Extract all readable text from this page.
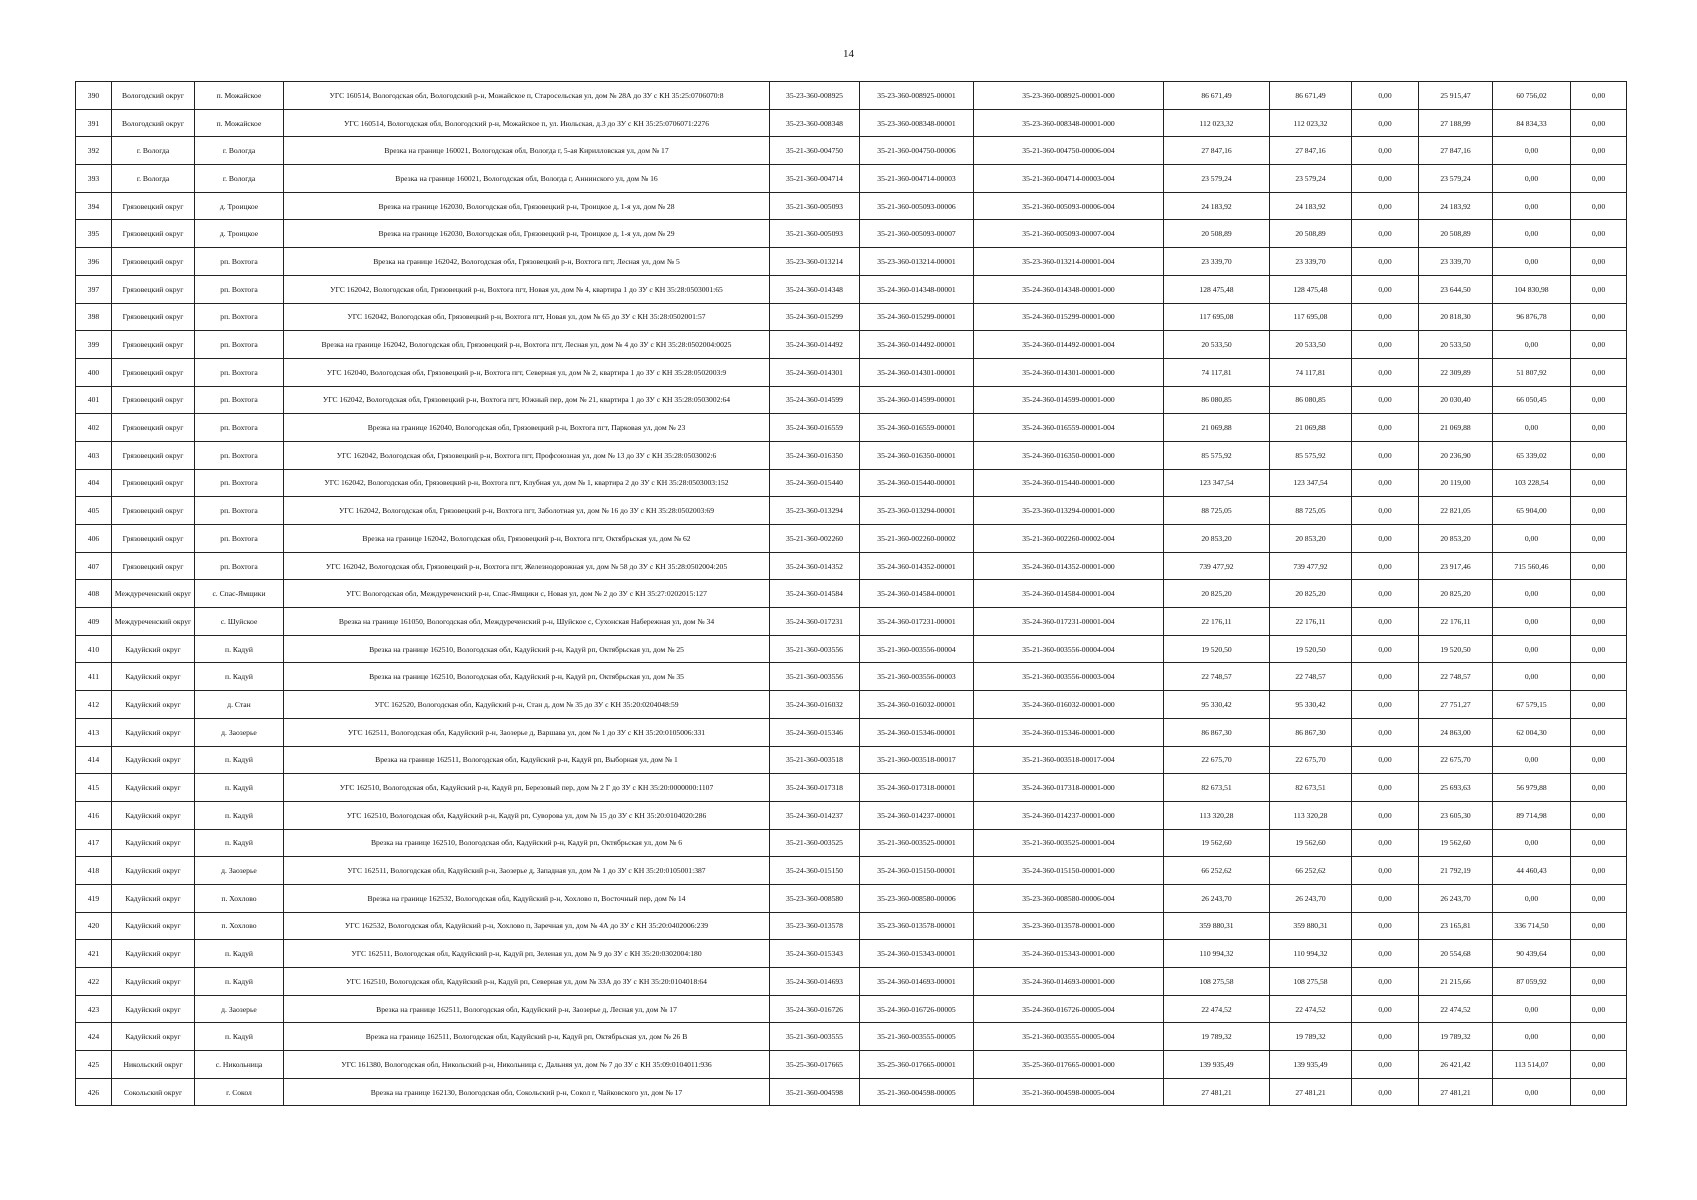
14
390	Вологодский округ	п. Можайское	УГС 160514, Вологодская обл, Вологодский р-н, Можайское п, Старосельская ул, дом № 28А до ЗУ с КН 35:25:0706070:8	35-23-360-008925	35-23-360-008925-00001	35-23-360-008925-00001-000	86 671,49	86 671,49	0,00	25 915,47	60 756,02	0,00
391	Вологодский округ	п. Можайское	УГС 160514, Вологодская обл, Вологодский р-н, Можайское п, ул. Июльская, д.3 до ЗУ с КН 35:25:0706071:2276	35-23-360-008348	35-23-360-008348-00001	35-23-360-008348-00001-000	112 023,32	112 023,32	0,00	27 188,99	84 834,33	0,00
392	г. Вологда	г. Вологда	Врезка на границе 160021, Вологодская обл, Вологда г, 5-ая Кирилловская ул, дом № 17	35-21-360-004750	35-21-360-004750-00006	35-21-360-004750-00006-004	27 847,16	27 847,16	0,00	27 847,16	0,00	0,00
393	г. Вологда	г. Вологда	Врезка на границе 160021, Вологодская обл, Вологда г, Аннинского ул, дом № 16	35-21-360-004714	35-21-360-004714-00003	35-21-360-004714-00003-004	23 579,24	23 579,24	0,00	23 579,24	0,00	0,00
394	Грязовецкий округ	д. Троицкое	Врезка на границе 162030, Вологодская обл, Грязовецкий р-н, Троицкое д, 1-я ул, дом № 28	35-21-360-005093	35-21-360-005093-00006	35-21-360-005093-00006-004	24 183,92	24 183,92	0,00	24 183,92	0,00	0,00
395	Грязовецкий округ	д. Троицкое	Врезка на границе 162030, Вологодская обл, Грязовецкий р-н, Троицкое д, 1-я ул, дом № 29	35-21-360-005093	35-21-360-005093-00007	35-21-360-005093-00007-004	20 508,89	20 508,89	0,00	20 508,89	0,00	0,00
396	Грязовецкий округ	рп. Вохтога	Врезка на границе 162042, Вологодская обл, Грязовецкий р-н, Вохтога пгт, Лесная ул, дом № 5	35-23-360-013214	35-23-360-013214-00001	35-23-360-013214-00001-004	23 339,70	23 339,70	0,00	23 339,70	0,00	0,00
397	Грязовецкий округ	рп. Вохтога	УГС 162042, Вологодская обл, Грязовецкий р-н, Вохтога пгт, Новая ул, дом № 4, квартира 1 до ЗУ с КН 35:28:0503001:65	35-24-360-014348	35-24-360-014348-00001	35-24-360-014348-00001-000	128 475,48	128 475,48	0,00	23 644,50	104 830,98	0,00
398	Грязовецкий округ	рп. Вохтога	УГС 162042, Вологодская обл, Грязовецкий р-н, Вохтога пгт, Новая ул, дом № 65 до ЗУ с КН 35:28:0502001:57	35-24-360-015299	35-24-360-015299-00001	35-24-360-015299-00001-000	117 695,08	117 695,08	0,00	20 818,30	96 876,78	0,00
399	Грязовецкий округ	рп. Вохтога	Врезка на границе 162042, Вологодская обл, Грязовецкий р-н, Вохтога пгт, Лесная ул, дом № 4 до ЗУ с КН 35:28:0502004:0025	35-24-360-014492	35-24-360-014492-00001	35-24-360-014492-00001-004	20 533,50	20 533,50	0,00	20 533,50	0,00	0,00
400	Грязовецкий округ	рп. Вохтога	УГС 162040, Вологодская обл, Грязовецкий р-н, Вохтога пгт, Северная ул, дом № 2, квартира 1 до ЗУ с КН 35:28:0502003:9	35-24-360-014301	35-24-360-014301-00001	35-24-360-014301-00001-000	74 117,81	74 117,81	0,00	22 309,89	51 807,92	0,00
401	Грязовецкий округ	рп. Вохтога	УГС 162042, Вологодская обл, Грязовецкий р-н, Вохтога пгт, Южный пер, дом № 21, квартира 1 до ЗУ с КН 35:28:0503002:64	35-24-360-014599	35-24-360-014599-00001	35-24-360-014599-00001-000	86 080,85	86 080,85	0,00	20 030,40	66 050,45	0,00
402	Грязовецкий округ	рп. Вохтога	Врезка на границе 162040, Вологодская обл, Грязовецкий р-н, Вохтога пгт, Парковая ул, дом № 23	35-24-360-016559	35-24-360-016559-00001	35-24-360-016559-00001-004	21 069,88	21 069,88	0,00	21 069,88	0,00	0,00
403	Грязовецкий округ	рп. Вохтога	УГС 162042, Вологодская обл, Грязовецкий р-н, Вохтога пгт, Профсоюзная ул, дом № 13 до ЗУ с КН 35:28:0503002:6	35-24-360-016350	35-24-360-016350-00001	35-24-360-016350-00001-000	85 575,92	85 575,92	0,00	20 236,90	65 339,02	0,00
404	Грязовецкий округ	рп. Вохтога	УГС 162042, Вологодская обл, Грязовецкий р-н, Вохтога пгт, Клубная ул, дом № 1, квартира 2 до ЗУ с КН 35:28:0503003:152	35-24-360-015440	35-24-360-015440-00001	35-24-360-015440-00001-000	123 347,54	123 347,54	0,00	20 119,00	103 228,54	0,00
405	Грязовецкий округ	рп. Вохтога	УГС 162042, Вологодская обл, Грязовецкий р-н, Вохтога пгт, Заболотная ул, дом № 16 до ЗУ с КН 35:28:0502003:69	35-23-360-013294	35-23-360-013294-00001	35-23-360-013294-00001-000	88 725,05	88 725,05	0,00	22 821,05	65 904,00	0,00
406	Грязовецкий округ	рп. Вохтога	Врезка на границе 162042, Вологодская обл, Грязовецкий р-н, Вохтога пгт, Октябрьская ул, дом № 62	35-21-360-002260	35-21-360-002260-00002	35-21-360-002260-00002-004	20 853,20	20 853,20	0,00	20 853,20	0,00	0,00
407	Грязовецкий округ	рп. Вохтога	УГС 162042, Вологодская обл, Грязовецкий р-н, Вохтога пгт, Железнодорожная ул, дом № 58 до ЗУ с КН 35:28:0502004:205	35-24-360-014352	35-24-360-014352-00001	35-24-360-014352-00001-000	739 477,92	739 477,92	0,00	23 917,46	715 560,46	0,00
408	Междуреченский округ	с. Спас-Ямщики	УГС Вологодская обл, Междуреченский р-н, Спас-Ямщики с, Новая ул, дом № 2 до ЗУ с КН 35:27:0202015:127	35-24-360-014584	35-24-360-014584-00001	35-24-360-014584-00001-004	20 825,20	20 825,20	0,00	20 825,20	0,00	0,00
409	Междуреченский округ	с. Шуйское	Врезка на границе 161050, Вологодская обл, Междуреченский р-н, Шуйское с, Сухонская Набережная ул, дом № 34	35-24-360-017231	35-24-360-017231-00001	35-24-360-017231-00001-004	22 176,11	22 176,11	0,00	22 176,11	0,00	0,00
410	Кадуйский округ	п. Кадуй	Врезка на границе 162510, Вологодская обл, Кадуйский р-н, Кадуй рп, Октябрьская ул, дом № 25	35-21-360-003556	35-21-360-003556-00004	35-21-360-003556-00004-004	19 520,50	19 520,50	0,00	19 520,50	0,00	0,00
411	Кадуйский округ	п. Кадуй	Врезка на границе 162510, Вологодская обл, Кадуйский р-н, Кадуй рп, Октябрьская ул, дом № 35	35-21-360-003556	35-21-360-003556-00003	35-21-360-003556-00003-004	22 748,57	22 748,57	0,00	22 748,57	0,00	0,00
412	Кадуйский округ	д. Стан	УГС 162520, Вологодская обл, Кадуйский р-н, Стан д, дом № 35 до ЗУ с КН 35:20:0204048:59	35-24-360-016032	35-24-360-016032-00001	35-24-360-016032-00001-000	95 330,42	95 330,42	0,00	27 751,27	67 579,15	0,00
413	Кадуйский округ	д. Заозерье	УГС 162511, Вологодская обл, Кадуйский р-н, Заозерье д, Варшава ул, дом № 1 до ЗУ с КН 35:20:0105006:331	35-24-360-015346	35-24-360-015346-00001	35-24-360-015346-00001-000	86 867,30	86 867,30	0,00	24 863,00	62 004,30	0,00
414	Кадуйский округ	п. Кадуй	Врезка на границе 162511, Вологодская обл, Кадуйский р-н, Кадуй рп, Выборная ул, дом № 1	35-21-360-003518	35-21-360-003518-00017	35-21-360-003518-00017-004	22 675,70	22 675,70	0,00	22 675,70	0,00	0,00
415	Кадуйский округ	п. Кадуй	УГС 162510, Вологодская обл, Кадуйский р-н, Кадуй рп, Березовый пер, дом № 2 Г до ЗУ с КН 35:20:0000000:1107	35-24-360-017318	35-24-360-017318-00001	35-24-360-017318-00001-000	82 673,51	82 673,51	0,00	25 693,63	56 979,88	0,00
416	Кадуйский округ	п. Кадуй	УГС 162510, Вологодская обл, Кадуйский р-н, Кадуй рп, Суворова ул, дом № 15 до ЗУ с КН 35:20:0104020:286	35-24-360-014237	35-24-360-014237-00001	35-24-360-014237-00001-000	113 320,28	113 320,28	0,00	23 605,30	89 714,98	0,00
417	Кадуйский округ	п. Кадуй	Врезка на границе 162510, Вологодская обл, Кадуйский р-н, Кадуй рп, Октябрьская ул, дом № 6	35-21-360-003525	35-21-360-003525-00001	35-21-360-003525-00001-004	19 562,60	19 562,60	0,00	19 562,60	0,00	0,00
418	Кадуйский округ	д. Заозерье	УГС 162511, Вологодская обл, Кадуйский р-н, Заозерье д, Западная ул, дом № 1 до ЗУ с КН 35:20:0105001:387	35-24-360-015150	35-24-360-015150-00001	35-24-360-015150-00001-000	66 252,62	66 252,62	0,00	21 792,19	44 460,43	0,00
419	Кадуйский округ	п. Хохлово	Врезка на границе 162532, Вологодская обл, Кадуйский р-н, Хохлово п, Восточный пер, дом № 14	35-23-360-008580	35-23-360-008580-00006	35-23-360-008580-00006-004	26 243,70	26 243,70	0,00	26 243,70	0,00	0,00
420	Кадуйский округ	п. Хохлово	УГС 162532, Вологодская обл, Кадуйский р-н, Хохлово п, Заречная ул, дом № 4А до ЗУ с КН 35:20:0402006:239	35-23-360-013578	35-23-360-013578-00001	35-23-360-013578-00001-000	359 880,31	359 880,31	0,00	23 165,81	336 714,50	0,00
421	Кадуйский округ	п. Кадуй	УГС 162511, Вологодская обл, Кадуйский р-н, Кадуй рп, Зеленая ул, дом № 9 до ЗУ с КН 35:20:0302004:180	35-24-360-015343	35-24-360-015343-00001	35-24-360-015343-00001-000	110 994,32	110 994,32	0,00	20 554,68	90 439,64	0,00
422	Кадуйский округ	п. Кадуй	УГС 162510, Вологодская обл, Кадуйский р-н, Кадуй рп, Северная ул, дом № 33А до ЗУ с КН 35:20:0104018:64	35-24-360-014693	35-24-360-014693-00001	35-24-360-014693-00001-000	108 275,58	108 275,58	0,00	21 215,66	87 059,92	0,00
423	Кадуйский округ	д. Заозерье	Врезка на границе 162511, Вологодская обл, Кадуйский р-н, Заозерье д, Лесная ул, дом № 17	35-24-360-016726	35-24-360-016726-00005	35-24-360-016726-00005-004	22 474,52	22 474,52	0,00	22 474,52	0,00	0,00
424	Кадуйский округ	п. Кадуй	Врезка на границе 162511, Вологодская обл, Кадуйский р-н, Кадуй рп, Октябрьская ул, дом № 26 В	35-21-360-003555	35-21-360-003555-00005	35-21-360-003555-00005-004	19 789,32	19 789,32	0,00	19 789,32	0,00	0,00
425	Никольский округ	с. Никольница	УГС 161380, Вологодская обл, Никольский р-н, Никольница с, Дальняя ул, дом № 7 до ЗУ с КН 35:09:0104011:936	35-25-360-017665	35-25-360-017665-00001	35-25-360-017665-00001-000	139 935,49	139 935,49	0,00	26 421,42	113 514,07	0,00
426	Сокольский округ	г. Сокол	Врезка на границе 162130, Вологодская обл, Сокольский р-н, Сокол г, Чайковского ул, дом № 17	35-21-360-004598	35-21-360-004598-00005	35-21-360-004598-00005-004	27 481,21	27 481,21	0,00	27 481,21	0,00	0,00
